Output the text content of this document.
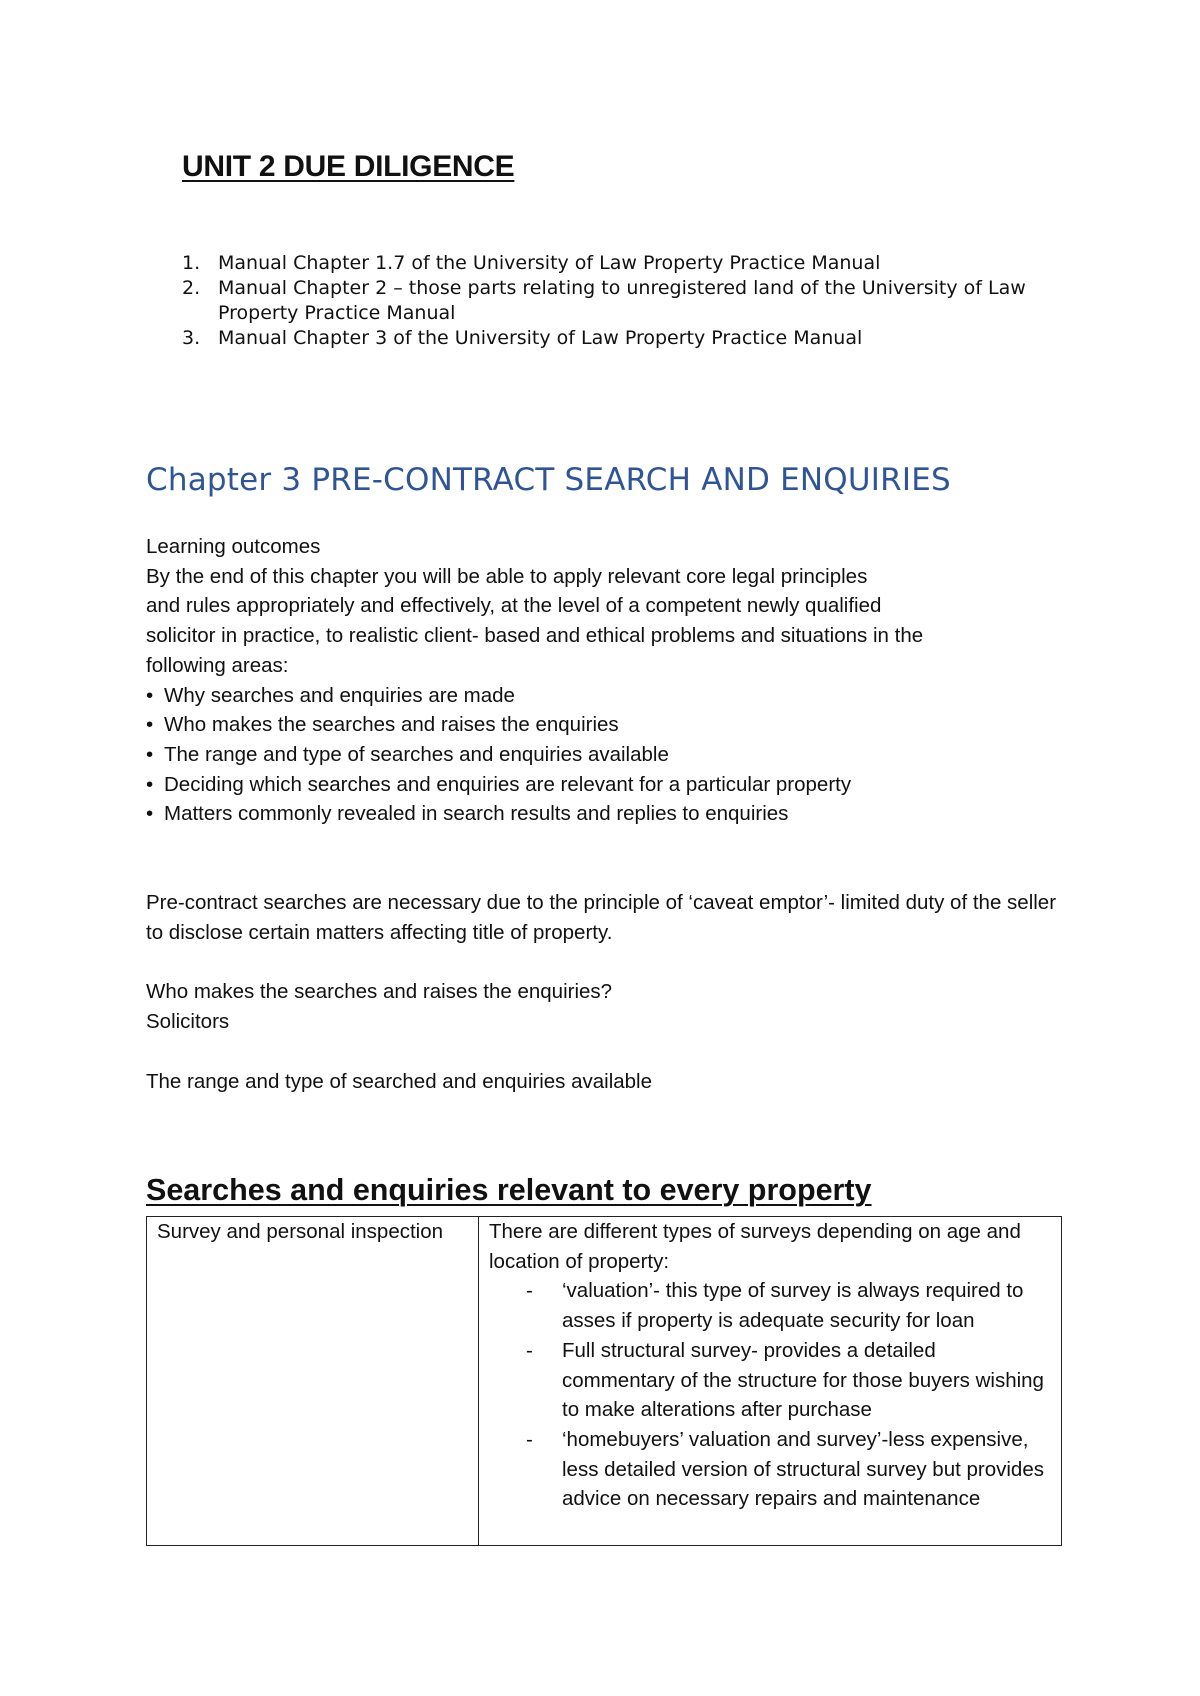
UNIT 2 DUE DILIGENCE
1. Manual Chapter 1.7 of the University of Law Property Practice Manual
2. Manual Chapter 2 – those parts relating to unregistered land of the University of Law Property Practice Manual
3. Manual Chapter 3 of the University of Law Property Practice Manual
Chapter 3 PRE-CONTRACT SEARCH AND ENQUIRIES
Learning outcomes
By the end of this chapter you will be able to apply relevant core legal principles
and rules appropriately and effectively, at the level of a competent newly qualified
solicitor in practice, to realistic client- based and ethical problems and situations in the
following areas:
• Why searches and enquiries are made
• Who makes the searches and raises the enquiries
• The range and type of searches and enquiries available
• Deciding which searches and enquiries are relevant for a particular property
• Matters commonly revealed in search results and replies to enquiries

Pre-contract searches are necessary due to the principle of ‘caveat emptor’- limited duty of the seller to disclose certain matters affecting title of property.

Who makes the searches and raises the enquiries?
Solicitors

The range and type of searched and enquiries available

Searches and enquiries relevant to every property
Survey and personal inspection	There are different types of surveys depending on age and location of property:
- ‘valuation’- this type of survey is always required to asses if property is adequate security for loan
- Full structural survey- provides a detailed commentary of the structure for those buyers wishing to make alterations after purchase
- ‘homebuyers’ valuation and survey’-less expensive, less detailed version of structural survey but provides advice on necessary repairs and maintenance
